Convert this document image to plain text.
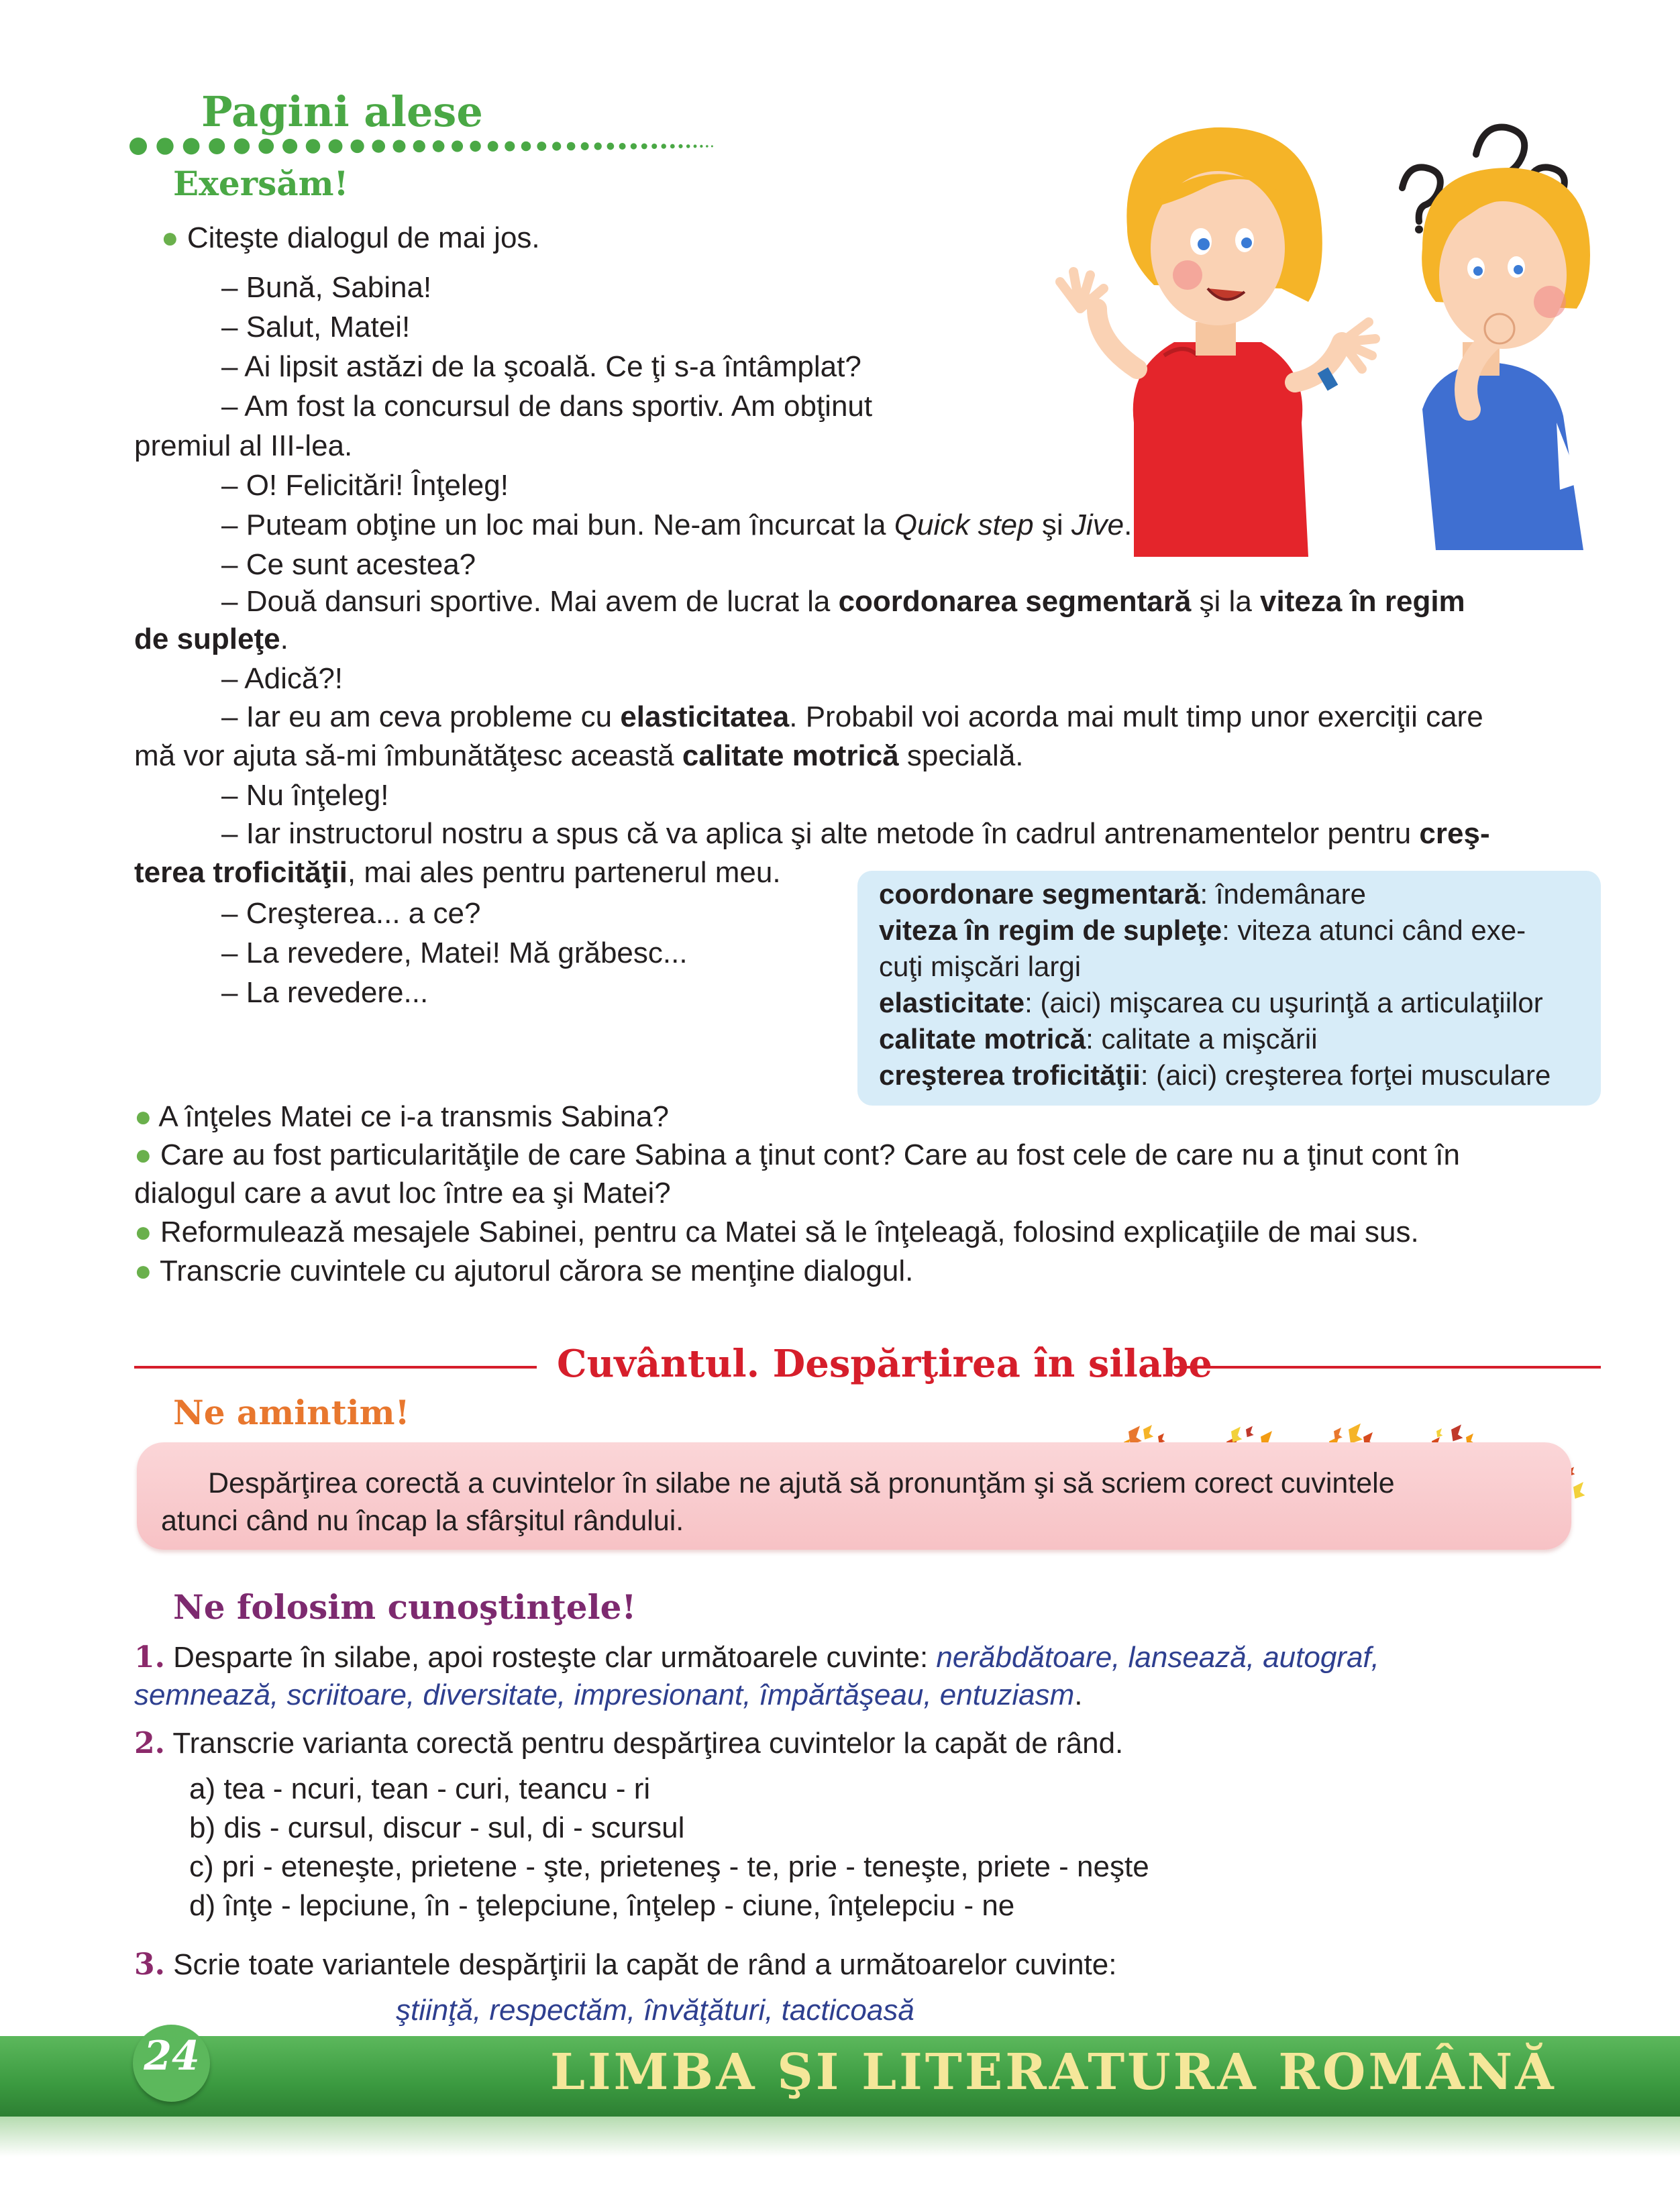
Pagini alese
Exersăm!
● Citeşte dialogul de mai jos.
– Bună, Sabina!
– Salut, Matei!
– Ai lipsit astăzi de la şcoală. Ce ţi s-a întâmplat?
– Am fost la concursul de dans sportiv. Am obţinut
premiul al III-lea.
– O! Felicitări! Înţeleg!
– Puteam obţine un loc mai bun. Ne-am încurcat la Quick step şi Jive.
– Ce sunt acestea?
– Două dansuri sportive. Mai avem de lucrat la coordonarea segmentară şi la viteza în regim
de supleţe.
– Adică?!
– Iar eu am ceva probleme cu elasticitatea. Probabil voi acorda mai mult timp unor exerciţii care
mă vor ajuta să-mi îmbunătăţesc această calitate motrică specială.
– Nu înţeleg!
– Iar instructorul nostru a spus că va aplica şi alte metode în cadrul antrenamentelor pentru creş-
terea troficităţii, mai ales pentru partenerul meu.
– Creşterea... a ce?
– La revedere, Matei! Mă grăbesc...
– La revedere...
coordonare segmentară: îndemânare
viteza în regim de supleţe: viteza atunci când exe-
cuţi mişcări largi
elasticitate: (aici) mişcarea cu uşurinţă a articulaţiilor
calitate motrică: calitate a mişcării
creşterea troficităţii: (aici) creşterea forţei musculare
● A înţeles Matei ce i-a transmis Sabina?
● Care au fost particularităţile de care Sabina a ţinut cont? Care au fost cele de care nu a ţinut cont în
dialogul care a avut loc între ea şi Matei?
● Reformulează mesajele Sabinei, pentru ca Matei să le înţeleagă, folosind explicaţiile de mai sus.
● Transcrie cuvintele cu ajutorul cărora se menţine dialogul.
Cuvântul. Despărţirea în silabe
Ne amintim!
Despărţirea corectă a cuvintelor în silabe ne ajută să pronunţăm şi să scriem corect cuvintele
atunci când nu încap la sfârşitul rândului.
Ne folosim cunoştinţele!
1. Desparte în silabe, apoi rosteşte clar următoarele cuvinte: nerăbdătoare, lansează, autograf,
semnează, scriitoare, diversitate, impresionant, împărtăşeau, entuziasm.
2. Transcrie varianta corectă pentru despărţirea cuvintelor la capăt de rând.
a) tea - ncuri, tean - curi, teancu - ri
b) dis - cursul, discur - sul, di - scursul
c) pri - eteneşte, prietene - şte, prieteneş - te, prie - teneşte, priete - neşte
d) înţe - lepciune, în - ţelepciune, înţelep - ciune, înţelepciu - ne
3. Scrie toate variantele despărţirii la capăt de rând a următoarelor cuvinte:
ştiinţă, respectăm, învăţături, tacticoasă
24	LIMBA ŞI LITERATURA ROMÂNĂ
